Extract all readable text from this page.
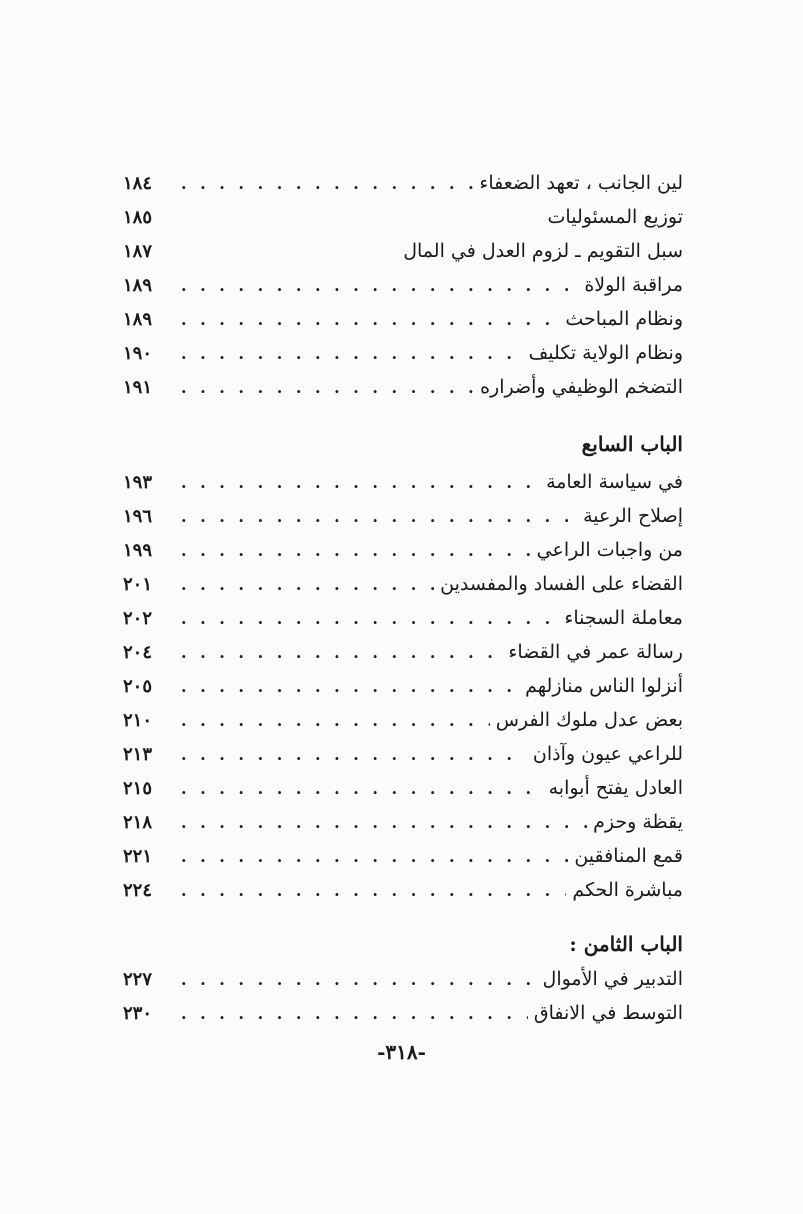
لين الجانب ، تعهد الضعفاء
. . .
١٨٤
توزيع المسئوليات
١٨٥
سبل التقويم ـ لزوم العدل في المال
١٨٧
مراقبة الولاة
. . .
١٨٩
ونظام المباحث
. . .
١٨٩
ونظام الولاية تكليف
. . .
١٩٠
التضخم الوظيفي وأضراره
. . .
١٩١
الباب السابع
في سياسة العامة
. . .
١٩٣
إصلاح الرعية
. . .
١٩٦
من واجبات الراعي
. . .
١٩٩
القضاء على الفساد والمفسدين
. . .
٢٠١
معاملة السجناء
. . .
٢٠٢
رسالة عمر في القضاء
. . .
٢٠٤
أنزلوا الناس منازلهم
. . .
٢٠٥
بعض عدل ملوك الفرس
. . .
٢١٠
للراعي عيون وآذان
. . .
٢١٣
العادل يفتح أبوابه
. . .
٢١٥
يقظة وحزم
. . .
٢١٨
قمع المنافقين
. . .
٢٢١
مباشرة الحكم
. . .
٢٢٤
الباب الثامن :
التدبير في الأموال
. . .
٢٢٧
التوسط في الانفاق
. . .
٢٣٠
-٣١٨-
